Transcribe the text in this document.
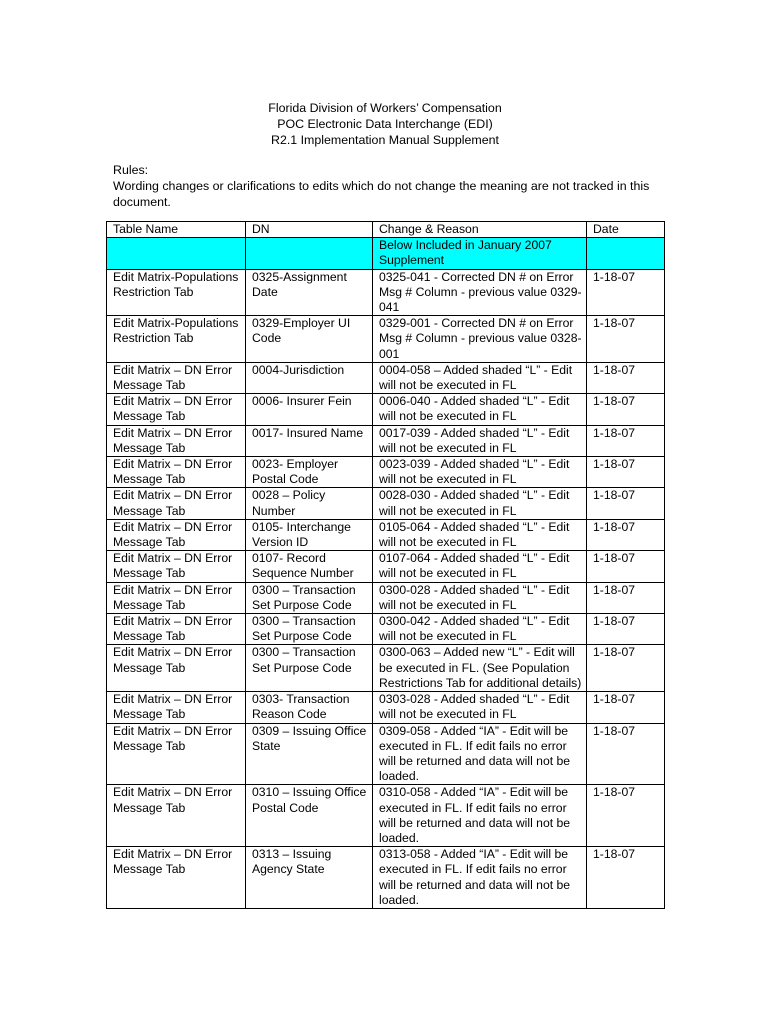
Florida Division of Workers’ Compensation
POC Electronic Data Interchange (EDI)
R2.1 Implementation Manual Supplement

Rules:

Wording changes or clarifications to edits which do not change the meaning are not tracked in this document.

Table Name	DN	Change & Reason	Date
		Below Included in January 2007 Supplement	
Edit Matrix-Populations Restriction Tab	0325-Assignment Date	0325-041 - Corrected DN # on Error Msg # Column - previous value 0329-041	1-18-07
Edit Matrix-Populations Restriction Tab	0329-Employer UI Code	0329-001 - Corrected DN # on Error Msg # Column - previous value 0328-001	1-18-07
Edit Matrix – DN Error Message Tab	0004-Jurisdiction	0004-058 – Added shaded “L” - Edit will not be executed in FL	1-18-07
Edit Matrix – DN Error Message Tab	0006- Insurer Fein	0006-040 - Added shaded “L” - Edit will not be executed in FL	1-18-07
Edit Matrix – DN Error Message Tab	0017- Insured Name	0017-039 - Added shaded “L” - Edit will not be executed in FL	1-18-07
Edit Matrix – DN Error Message Tab	0023- Employer Postal Code	0023-039 - Added shaded “L” - Edit will not be executed in FL	1-18-07
Edit Matrix – DN Error Message Tab	0028 – Policy Number	0028-030 - Added shaded “L” - Edit will not be executed in FL	1-18-07
Edit Matrix – DN Error Message Tab	0105- Interchange Version ID	0105-064 - Added shaded “L” - Edit will not be executed in FL	1-18-07
Edit Matrix – DN Error Message Tab	0107- Record Sequence Number	0107-064 - Added shaded “L” - Edit will not be executed in FL	1-18-07
Edit Matrix – DN Error Message Tab	0300 – Transaction Set Purpose Code	0300-028 - Added shaded “L” - Edit will not be executed in FL	1-18-07
Edit Matrix – DN Error Message Tab	0300 – Transaction Set Purpose Code	0300-042 - Added shaded “L” - Edit will not be executed in FL	1-18-07
Edit Matrix – DN Error Message Tab	0300 – Transaction Set Purpose Code	0300-063 – Added new “L” - Edit will be executed in FL. (See Population Restrictions Tab for additional details)	1-18-07
Edit Matrix – DN Error Message Tab	0303- Transaction Reason Code	0303-028 - Added shaded “L” - Edit will not be executed in FL	1-18-07
Edit Matrix – DN Error Message Tab	0309 – Issuing Office State	0309-058 - Added “IA” - Edit will be executed in FL. If edit fails no error will be returned and data will not be loaded.	1-18-07
Edit Matrix – DN Error Message Tab	0310 – Issuing Office Postal Code	0310-058 - Added “IA” - Edit will be executed in FL. If edit fails no error will be returned and data will not be loaded.	1-18-07
Edit Matrix – DN Error Message Tab	0313 – Issuing Agency State	0313-058 - Added “IA” - Edit will be executed in FL. If edit fails no error will be returned and data will not be loaded.	1-18-07
